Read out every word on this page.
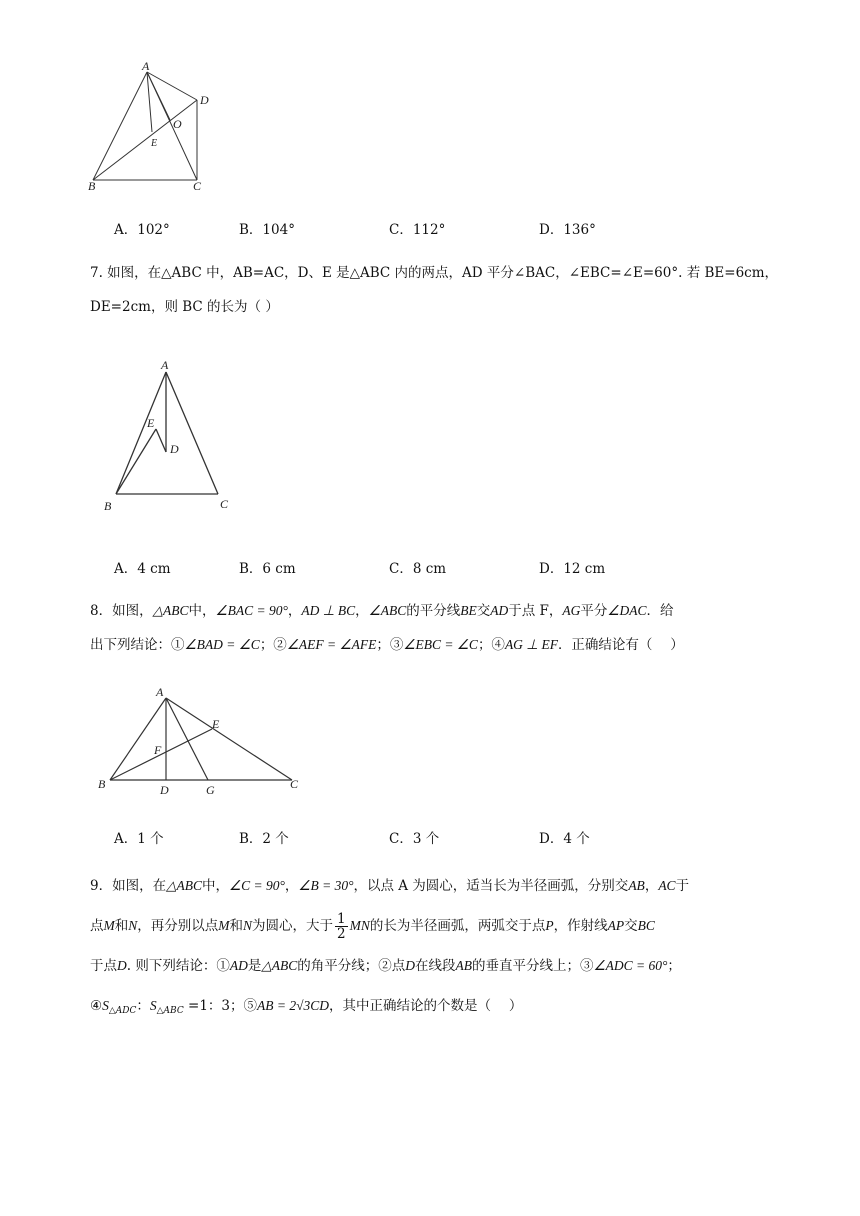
A
D
O
E
B	C
A．102°	B．104°	C．112°	D．136°

7. 如图，在△ABC 中，AB=AC，D、E 是△ABC 内的两点，AD 平分∠BAC，∠EBC=∠E=60°. 若 BE=6cm，

DE=2cm，则 BC 的长为（ ）

A
E
D
B	C
A．4 cm	B．6 cm	C．8 cm	D．12 cm

8．如图，△ABC中，∠BAC = 90°，AD ⊥ BC，∠ABC的平分线BE交AD于点 F，AG平分∠DAC．给

出下列结论：①∠BAD = ∠C；②∠AEF = ∠AFE；③∠EBC = ∠C；④AG ⊥ EF．正确结论有（　 ）

A
E
F
B	D	G	C
A．1 个	B．2 个	C．3 个	D．4 个

9．如图，在△ABC中，∠C = 90°，∠B = 30°，以点 A 为圆心，适当长为半径画弧，分别交AB，AC于

点M和N，再分别以点M和N为圆心，大于 $\frac{1}{2}$ MN的长为半径画弧，两弧交于点P，作射线AP交BC

于点D. 则下列结论：①AD是△ABC的角平分线；②点D在线段AB的垂直平分线上；③∠ADC = 60°；

$④S_{\triangle ADC}$：$S_{\triangle ABC} =1$：3；⑤AB = 2√3CD，其中正确结论的个数是（　 ）
